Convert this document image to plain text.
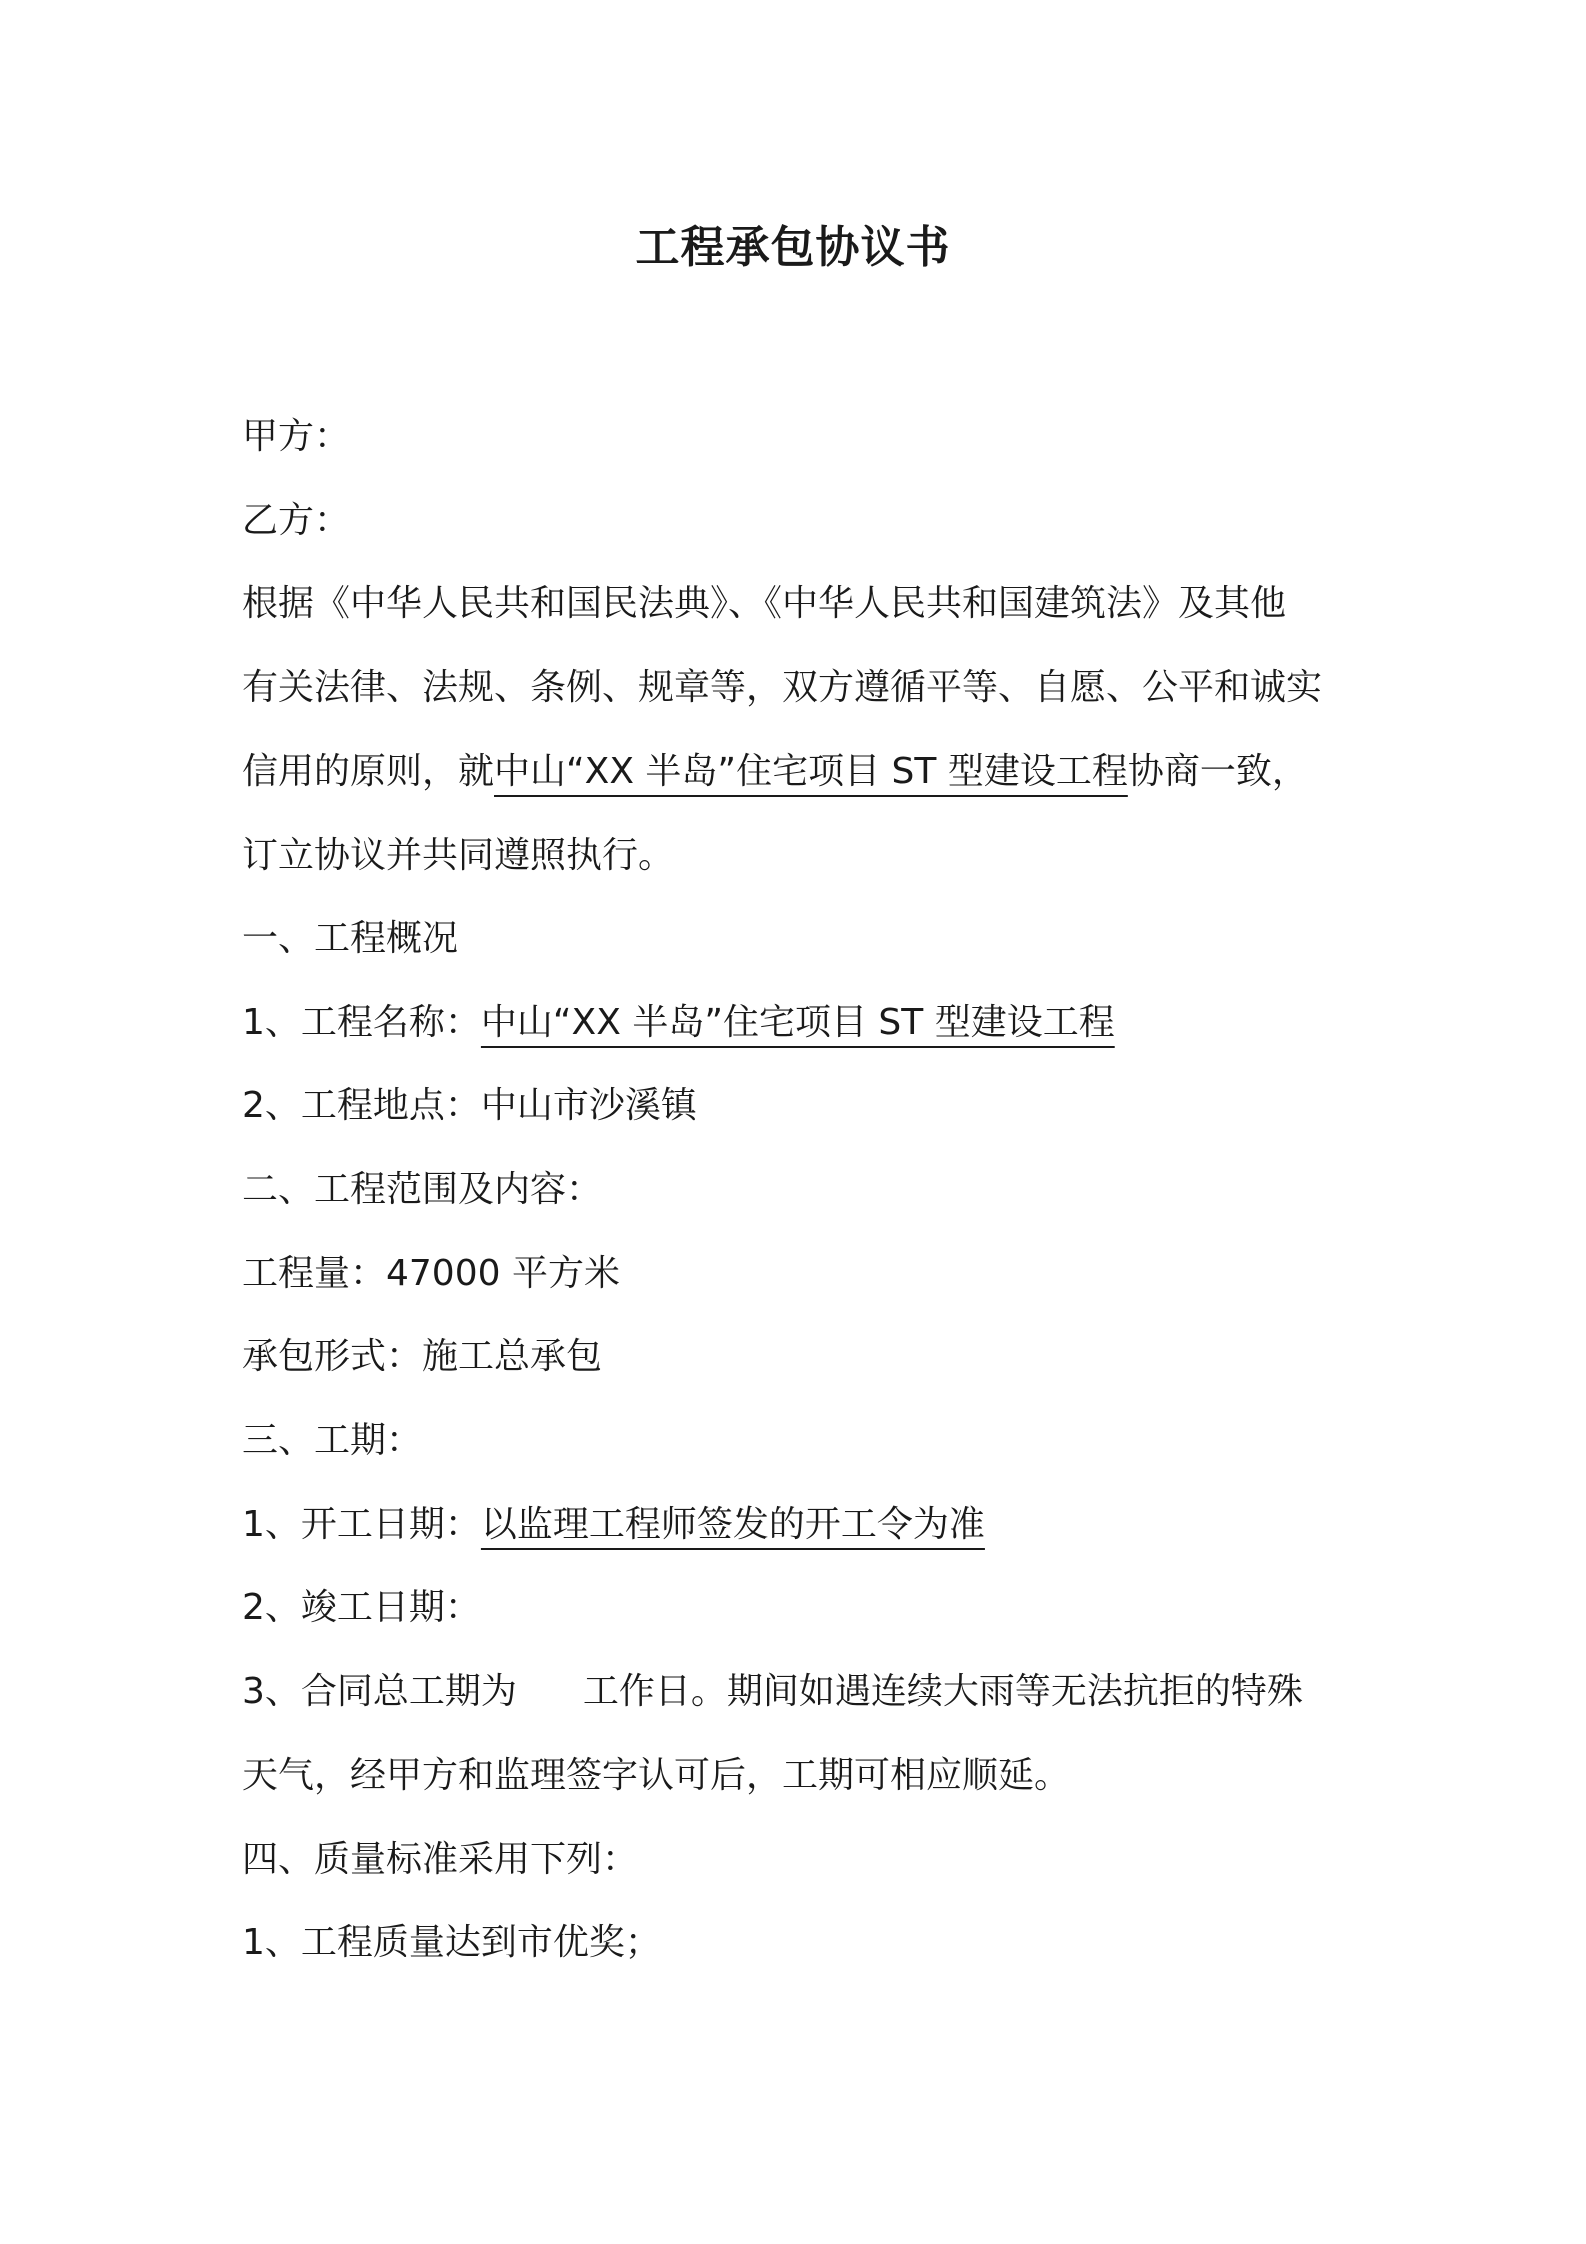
工程承包协议书
甲方：
乙方：
根据《中华人民共和国民法典》、《中华人民共和国建筑法》及其他
有关法律、法规、条例、规章等，双方遵循平等、自愿、公平和诚实
信用的原则，就中山“XX 半岛”住宅项目 ST 型建设工程协商一致，
订立协议并共同遵照执行。
一、工程概况
1、工程名称：中山“XX 半岛”住宅项目 ST 型建设工程
2、工程地点：中山市沙溪镇
二、工程范围及内容：
工程量：47000 平方米
承包形式：施工总承包
三、工期：
1、开工日期：以监理工程师签发的开工令为准
2、竣工日期：
3、合同总工期为 工作日。期间如遇连续大雨等无法抗拒的特殊
天气，经甲方和监理签字认可后，工期可相应顺延。
四、质量标准采用下列：
1、工程质量达到市优奖；
